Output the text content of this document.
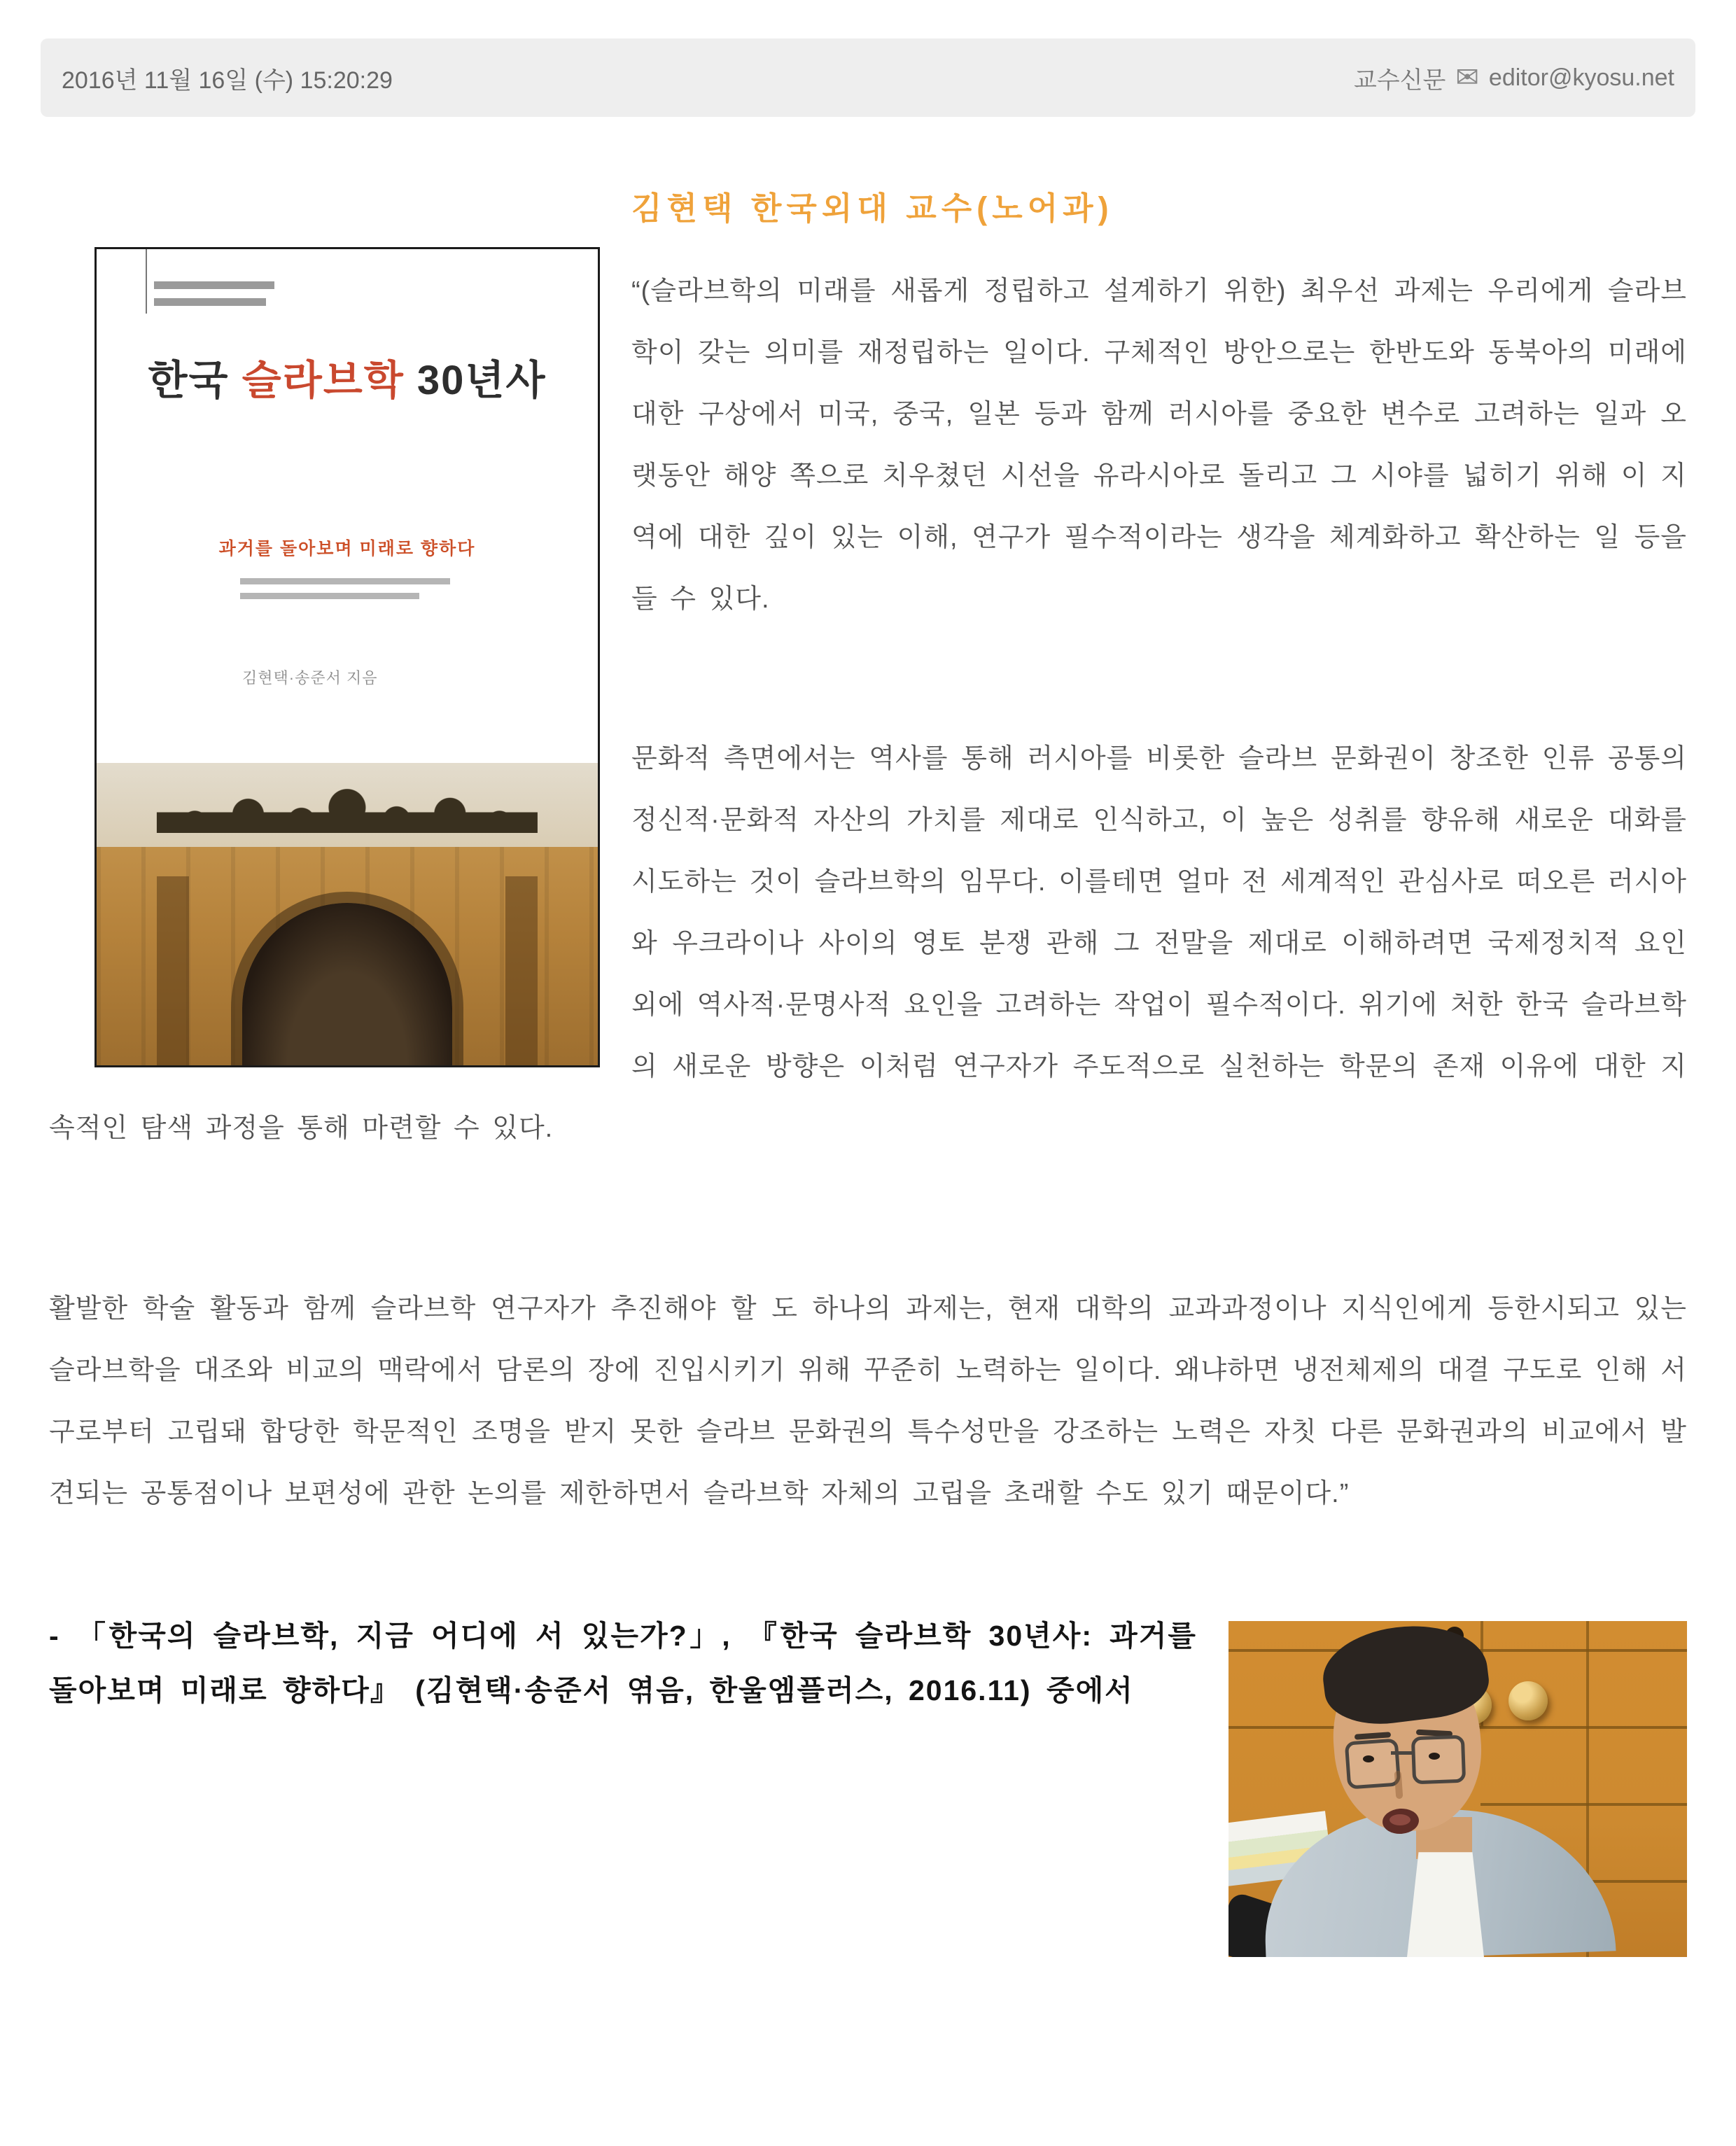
2016년 11월 16일 (수) 15:20:29	교수신문 ✉ editor@kyosu.net
한국 슬라브학 30년사
과거를 돌아보며 미래로 향하다
김현택·송준서 지음
김현택 한국외대 교수(노어과)

“(슬라브학의 미래를 새롭게 정립하고 설계하기 위한) 최우선 과제는 우리에게 슬라브학이 갖는 의미를 재정립하는 일이다. 구체적인 방안으로는 한반도와 동북아의 미래에 대한 구상에서 미국, 중국, 일본 등과 함께 러시아를 중요한 변수로 고려하는 일과 오랫동안 해양 쪽으로 치우쳤던 시선을 유라시아로 돌리고 그 시야를 넓히기 위해 이 지역에 대한 깊이 있는 이해, 연구가 필수적이라는 생각을 체계화하고 확산하는 일 등을 들 수 있다.

문화적 측면에서는 역사를 통해 러시아를 비롯한 슬라브 문화권이 창조한 인류 공통의 정신적·문화적 자산의 가치를 제대로 인식하고, 이 높은 성취를 향유해 새로운 대화를 시도하는 것이 슬라브학의 임무다. 이를테면 얼마 전 세계적인 관심사로 떠오른 러시아와 우크라이나 사이의 영토 분쟁 관해 그 전말을 제대로 이해하려면 국제정치적 요인 외에 역사적·문명사적 요인을 고려하는 작업이 필수적이다. 위기에 처한 한국 슬라브학의 새로운 방향은 이처럼 연구자가 주도적으로 실천하는 학문의 존재 이유에 대한 지속적인 탐색 과정을 통해 마련할 수 있다.

활발한 학술 활동과 함께 슬라브학 연구자가 추진해야 할 도 하나의 과제는, 현재 대학의 교과과정이나 지식인에게 등한시되고 있는 슬라브학을 대조와 비교의 맥락에서 담론의 장에 진입시키기 위해 꾸준히 노력하는 일이다. 왜냐하면 냉전체제의 대결 구도로 인해 서구로부터 고립돼 합당한 학문적인 조명을 받지 못한 슬라브 문화권의 특수성만을 강조하는 노력은 자칫 다른 문화권과의 비교에서 발견되는 공통점이나 보편성에 관한 논의를 제한하면서 슬라브학 자체의 고립을 초래할 수도 있기 때문이다.”

- 「한국의 슬라브학, 지금 어디에 서 있는가?」, 『한국 슬라브학 30년사: 과거를 돌아보며 미래로 향하다』 (김현택·송준서 엮음, 한울엠플러스, 2016.11) 중에서
